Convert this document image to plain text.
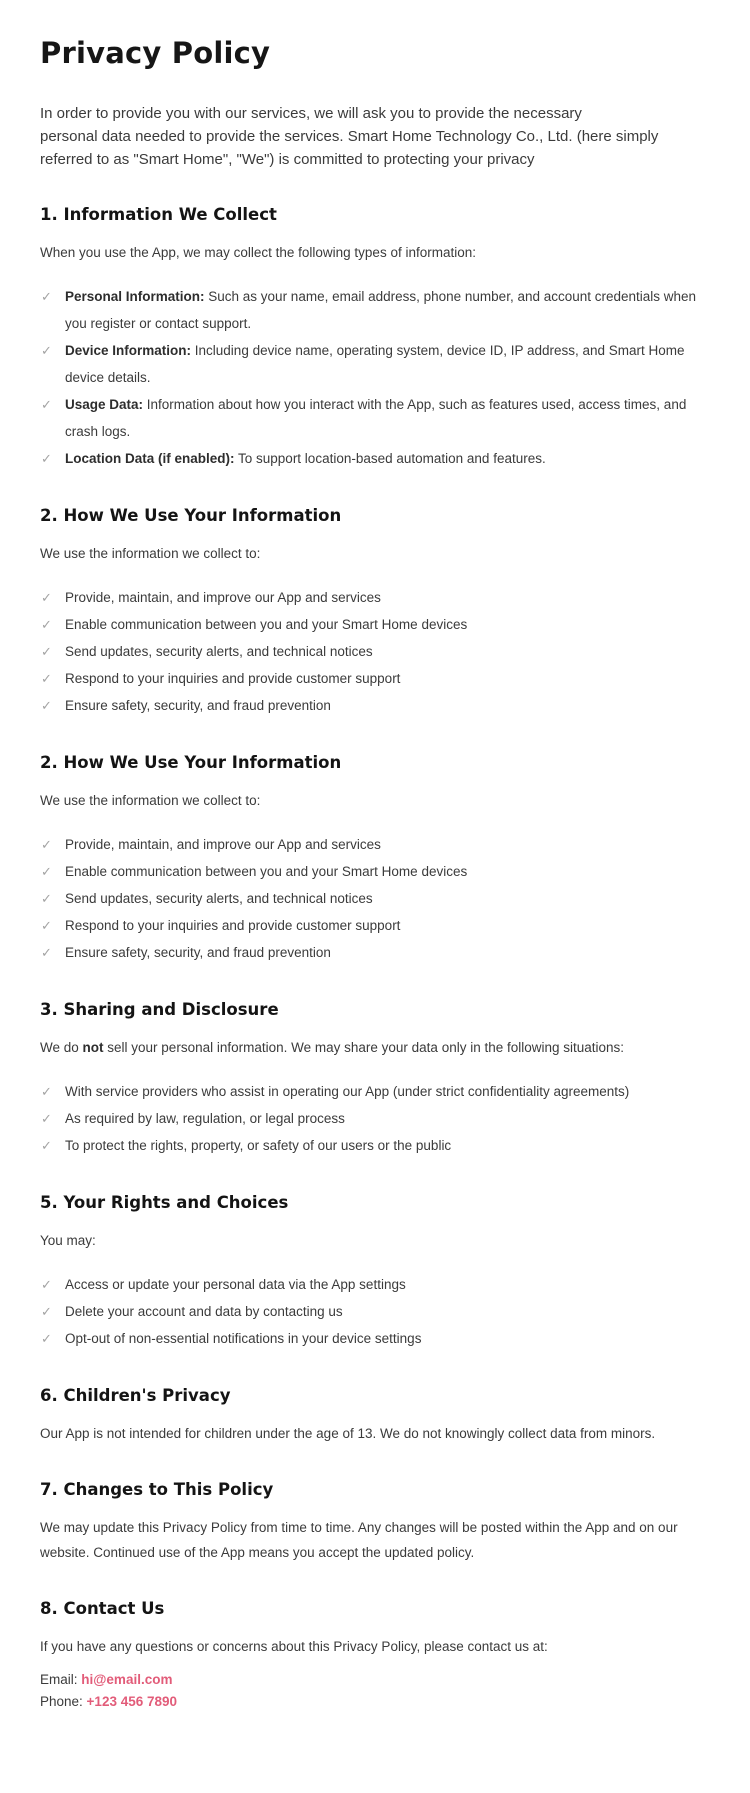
Privacy Policy

In order to provide you with our services, we will ask you to provide the necessary
personal data needed to provide the services. Smart Home Technology Co., Ltd. (here simply referred to as "Smart Home", "We") is committed to protecting your privacy

1. Information We Collect

When you use the App, we may collect the following types of information:

✓ Personal Information: Such as your name, email address, phone number, and account credentials when you register or contact support.
✓ Device Information: Including device name, operating system, device ID, IP address, and Smart Home device details.
✓ Usage Data: Information about how you interact with the App, such as features used, access times, and crash logs.
✓ Location Data (if enabled): To support location-based automation and features.
2. How We Use Your Information

We use the information we collect to:

✓ Provide, maintain, and improve our App and services
✓ Enable communication between you and your Smart Home devices
✓ Send updates, security alerts, and technical notices
✓ Respond to your inquiries and provide customer support
✓ Ensure safety, security, and fraud prevention
2. How We Use Your Information

We use the information we collect to:

✓ Provide, maintain, and improve our App and services
✓ Enable communication between you and your Smart Home devices
✓ Send updates, security alerts, and technical notices
✓ Respond to your inquiries and provide customer support
✓ Ensure safety, security, and fraud prevention
3. Sharing and Disclosure

We do not sell your personal information. We may share your data only in the following situations:

✓ With service providers who assist in operating our App (under strict confidentiality agreements)
✓ As required by law, regulation, or legal process
✓ To protect the rights, property, or safety of our users or the public
5. Your Rights and Choices

You may:

✓ Access or update your personal data via the App settings
✓ Delete your account and data by contacting us
✓ Opt-out of non-essential notifications in your device settings
6. Children's Privacy

Our App is not intended for children under the age of 13. We do not knowingly collect data from minors.

7. Changes to This Policy

We may update this Privacy Policy from time to time. Any changes will be posted within the App and on our website. Continued use of the App means you accept the updated policy.

8. Contact Us

If you have any questions or concerns about this Privacy Policy, please contact us at:

Email: hi@email.com

Phone: +123 456 7890
